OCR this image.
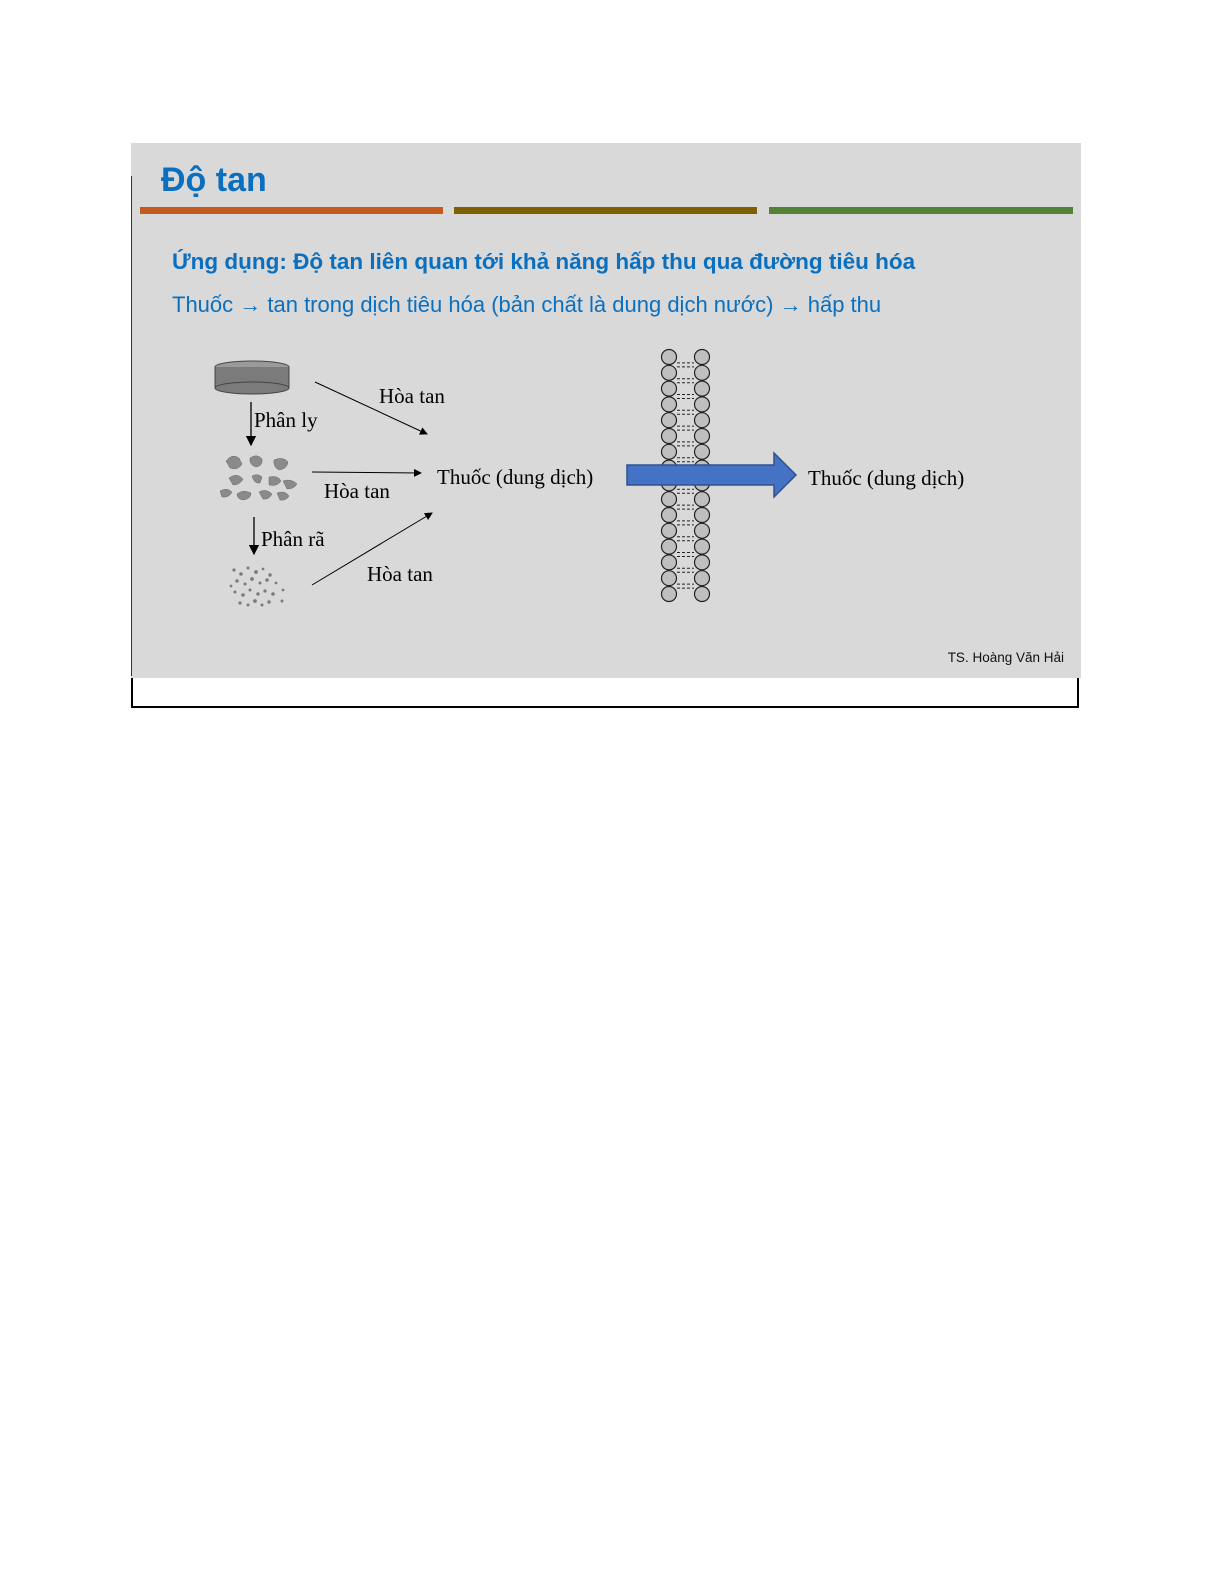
Độ tan

Ứng dụng: Độ tan liên quan tới khả năng hấp thu qua đường tiêu hóa

Thuốc → tan trong dịch tiêu hóa (bản chất là dung dịch nước) → hấp thu

Hòa tan
Phân ly
Hòa tan
Thuốc (dung dịch)
Phân rã
Hòa tan
Thuốc (dung dịch)
TS. Hoàng Văn Hải
